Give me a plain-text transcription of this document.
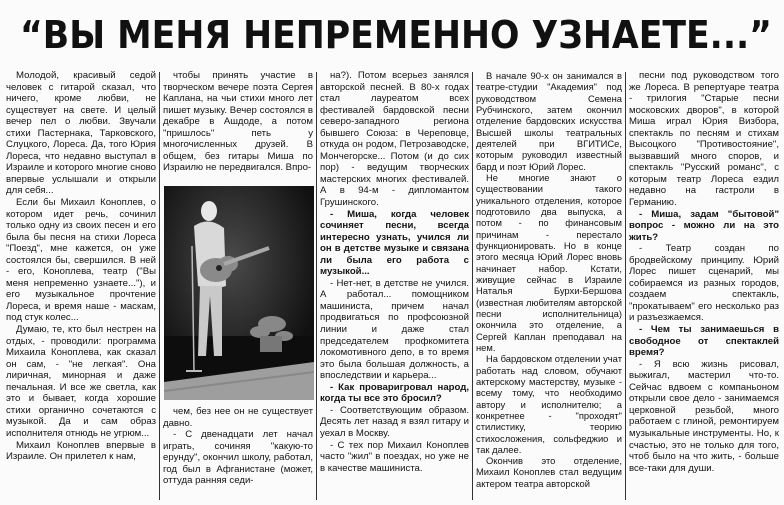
“ВЫ МЕНЯ НЕПРЕМЕННО УЗНАЕТЕ...”

Молодой, красивый седой человек с гитарой сказал, что ничего, кроме любви, не существует на свете. И целый вечер пел о любви. Звучали стихи Пастернака, Тарковского, Слуцкого, Лореса. Да, того Юрия Лореса, что недавно выступал в Израиле и которого многие сново впервые услышали и открыли для себя...

Если бы Михаил Коноплев, о котором идет речь, сочинил только одну из своих песен и его была бы песня на стихи Лореса "Поезд", мне кажется, он уже состоялся бы, свершился. В ней - его, Коноплева, театр ("Вы меня непременно узнаете..."), и его музыкальное прочтение Лореса, и время наше - маскам, под стук колес...

Думаю, те, кто был нестрен на отдых, - проводили: программа Михаила Коноплева, как сказал он сам, - "не легкая". Она лиричная, минорная и даже печальная. И все же светла, как это и бывает, когда хорошие стихи органично сочетаются с музыкой. Да и сам образ исполнителя отнюдь не угрюм...

Михаил Коноплев впервые в Израиле. Он прилетел к нам,

чтобы принять участие в творческом вечере поэта Сергея Каплана, на чьи стихи много лет пишет музыку. Вечер состоялся в декабре в Ашдоде, а потом "пришлось" петь у многочисленных друзей. В общем, без гитары Миша по Израилю не передвигался. Впро-

чем, без нее он не существует давно.

- С двенадцати лет начал играть, сочиняя "какую-то ерунду", окончил школу, работал, год был в Афганистане (может, оттуда ранняя седи-

на?). Потом всерьез занялся авторской песней. В 80-х годах стал лауреатом всех фестивалей бардовской песни северо-западного региона бывшего Союза: в Череповце, откуда он родом, Петрозаводске, Мончегорске... Потом (и до сих пор) - ведущим творческих мастерских многих фестивалей. А в 94-м - дипломантом Грушинского.

- Миша, когда человек сочиняет песни, всегда интересно узнать, учился ли он в детстве музыке и связана ли была его работа с музыкой...

- Нет-нет, в детстве не учился. А работал... помощником машиниста, причем начал продвигаться по профсоюзной линии и даже стал председателем профкомитета локомотивного депо, в то время это была большая должность, а впоследствии и карьера...

- Как проваригровал народ, когда ты все это бросил?

- Соответствующим образом. Десять лет назад я взял гитару и уехал в Москву.

- С тех пор Михаил Коноплев часто "жил" в поездах, но уже не в качестве машиниста.

В начале 90-х он занимался в театре-студии "Академия" под руководством Семена Рубчинского, затем окончил отделение бардовских искусства Высшей школы театральных деятелей при ВГИТИСе, которым руководил известный бард и поэт Юрий Лорес.

Не многие знают о существовании такого уникального отделения, которое подготовило два выпуска, а потом - по финансовым причинам - перестало функционировать. Но в конце этого месяца Юрий Лорес вновь начинает набор. Кстати, живущие сейчас в Израиле Наталья Бурхи-Бершова (известная любителям авторской песни исполнительница) окончила это отделение, а Сергей Каплан преподавал на нем.

На бардовском отделении учат работать над словом, обучают актерскому мастерству, музыке - всему тому, что необходимо автору и исполнителю; а конкретнее - "проходят" стилистику, теорию стихосложения, сольфеджио и так далее.

Окончив это отделение, Михаил Коноплев стал ведущим актером театра авторской

песни под руководством того же Лореса. В репертуаре театра - трилогия "Старые песни московских дворов", в которой Миша играл Юрия Визбора, спектакль по песням и стихам Высоцкого "Противостояние", вызвавший много споров, и спектакль "Русский романс", с которым театр Лореса ездил недавно на гастроли в Германию.

- Миша, задам "бытовой" вопрос - можно ли на это жить?

- Театр создан по бродвейскому принципу. Юрий Лорес пишет сценарий, мы собираемся из разных городов, создаем спектакль, "прокатываем" его несколько раз и разъезжаемся.

- Чем ты занимаешься в свободное от спектаклей время?

- Я всю жизнь рисовал, выжигал, мастерил что-то. Сейчас вдвоем с компаньоном открыли свое дело - занимаемся церковной резьбой, много работаем с глиной, ремонтируем музыкальные инструменты. Но, к счастью, это не только для того, чтоб было на что жить, - больше все-таки для души.
